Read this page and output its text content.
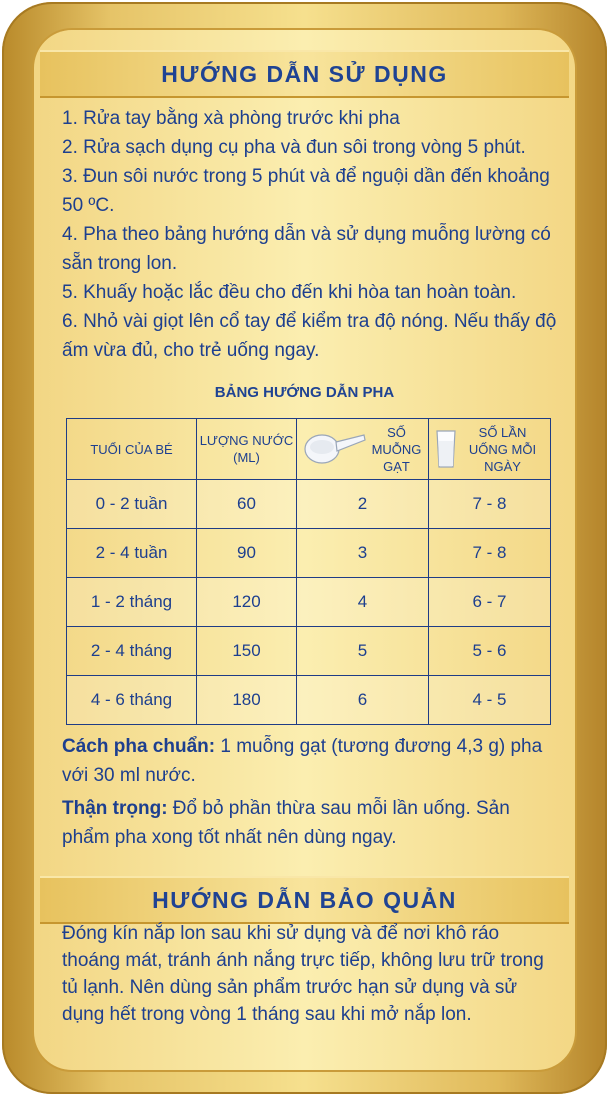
HƯỚNG DẪN SỬ DỤNG
1. Rửa tay bằng xà phòng trước khi pha
2. Rửa sạch dụng cụ pha và đun sôi trong vòng 5 phút.
3. Đun sôi nước trong 5 phút và để nguội dần đến khoảng 50 ºC.
4. Pha theo bảng hướng dẫn và sử dụng muỗng lường có sẵn trong lon.
5. Khuấy hoặc lắc đều cho đến khi hòa tan hoàn toàn.
6. Nhỏ vài giọt lên cổ tay để kiểm tra độ nóng. Nếu thấy độ ấm vừa đủ, cho trẻ uống ngay.
BẢNG HƯỚNG DẪN PHA
TUỔI CỦA BÉ	LƯỢNG NƯỚC (ML)	SỐ MUỖNG GẠT	SỐ LẦN UỐNG MỖI NGÀY

0 - 2 tuần	60	2	7 - 8
2 - 4 tuần	90	3	7 - 8
1 - 2 tháng	120	4	6 - 7
2 - 4 tháng	150	5	5 - 6
4 - 6 tháng	180	6	4 - 5

Cách pha chuẩn: 1 muỗng gạt (tương đương 4,3 g) pha với 30 ml nước.

Thận trọng: Đổ bỏ phần thừa sau mỗi lần uống. Sản phẩm pha xong tốt nhất nên dùng ngay.

HƯỚNG DẪN BẢO QUẢN
Đóng kín nắp lon sau khi sử dụng và để nơi khô ráo thoáng mát, tránh ánh nắng trực tiếp, không lưu trữ trong tủ lạnh. Nên dùng sản phẩm trước hạn sử dụng và sử dụng hết trong vòng 1 tháng sau khi mở nắp lon.
